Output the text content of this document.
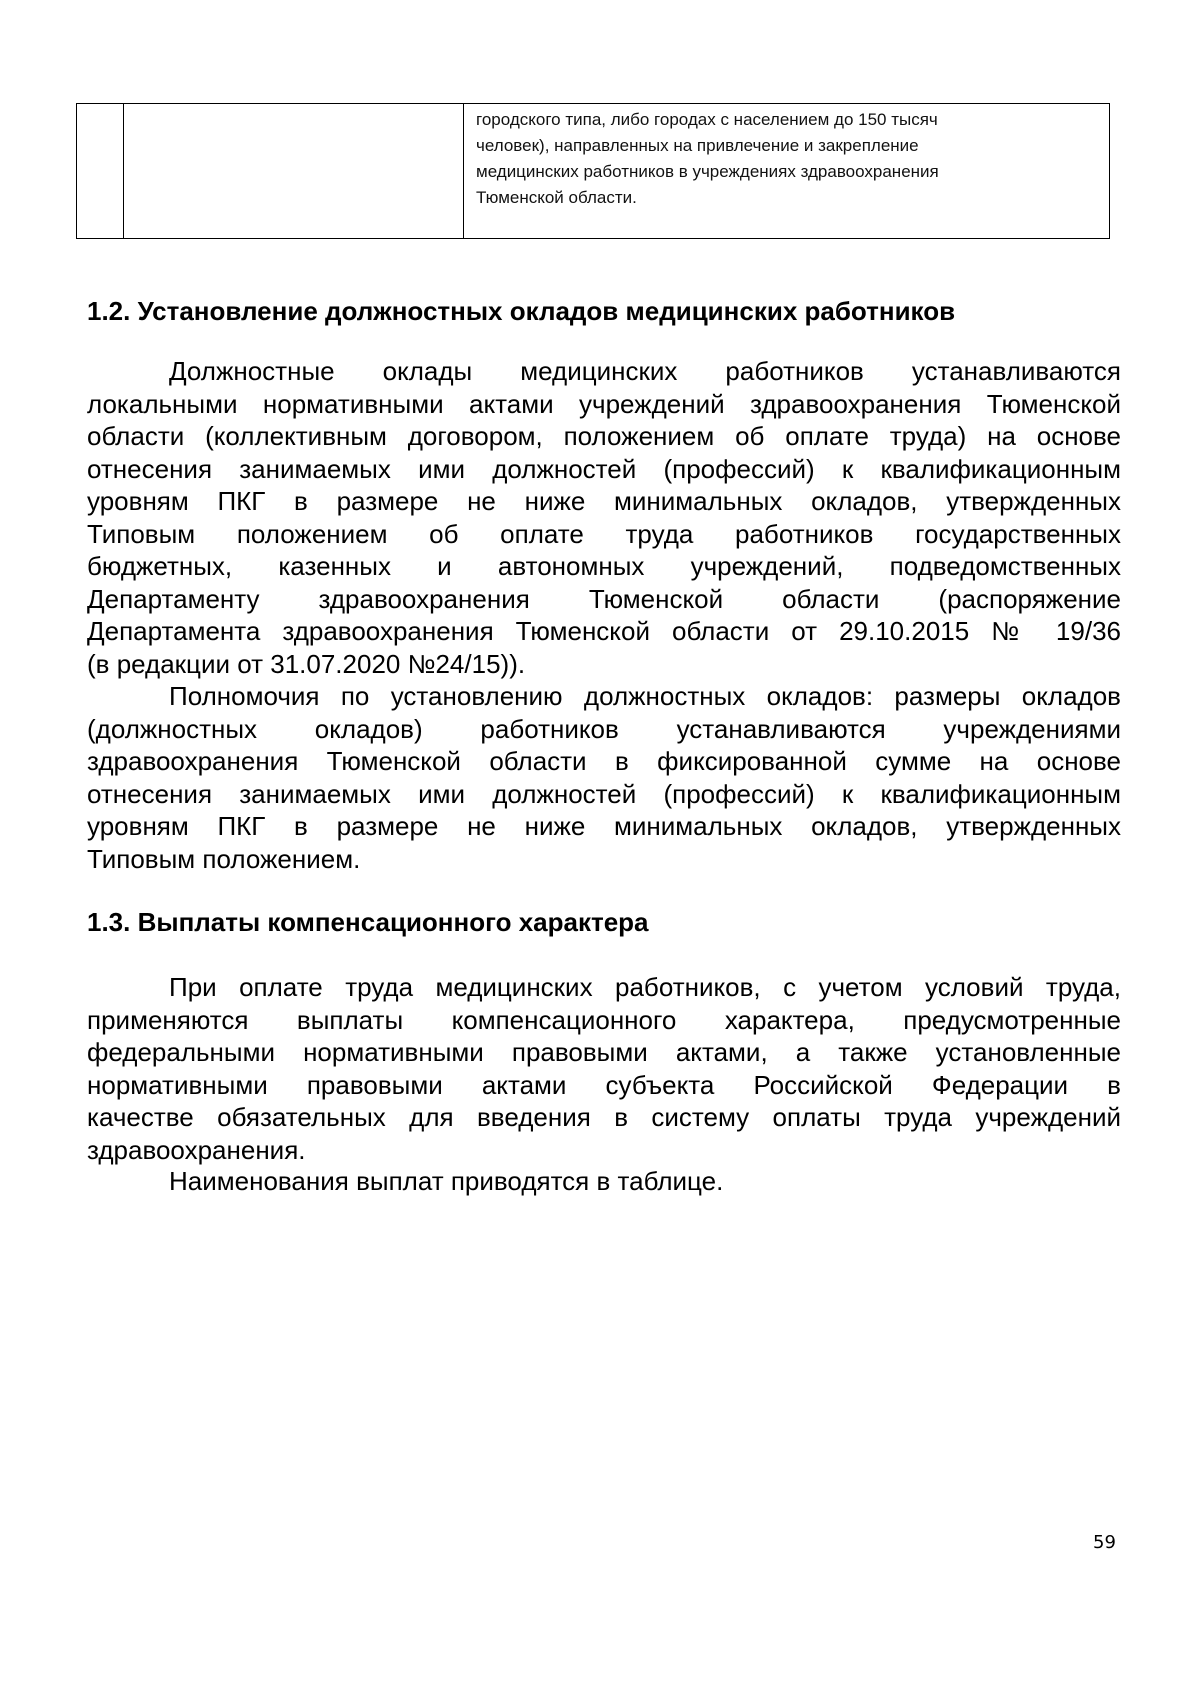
городского типа, либо городах с населением до 150 тысяч
человек), направленных на привлечение и закрепление
медицинских работников в учреждениях здравоохранения
Тюменской области.
1.2. Установление должностных окладов медицинских работников
Должностные оклады медицинских работников устанавливаются
локальными нормативными актами учреждений здравоохранения Тюменской
области (коллективным договором, положением об оплате труда) на основе
отнесения занимаемых ими должностей (профессий) к квалификационным
уровням ПКГ в размере не ниже минимальных окладов, утвержденных
Типовым положением об оплате труда работников государственных
бюджетных, казенных и автономных учреждений, подведомственных
Департаменту здравоохранения Тюменской области (распоряжение
Департамента здравоохранения Тюменской области от 29.10.2015 № 19/36
(в редакции от 31.07.2020 №24/15)).
Полномочия по установлению должностных окладов: размеры окладов
(должностных окладов) работников устанавливаются учреждениями
здравоохранения Тюменской области в фиксированной сумме на основе
отнесения занимаемых ими должностей (профессий) к квалификационным
уровням ПКГ в размере не ниже минимальных окладов, утвержденных
Типовым положением.
1.3. Выплаты компенсационного характера
При оплате труда медицинских работников, с учетом условий труда,
применяются выплаты компенсационного характера, предусмотренные
федеральными нормативными правовыми актами, а также установленные
нормативными правовыми актами субъекта Российской Федерации в
качестве обязательных для введения в систему оплаты труда учреждений
здравоохранения.
Наименования выплат приводятся в таблице.
59
